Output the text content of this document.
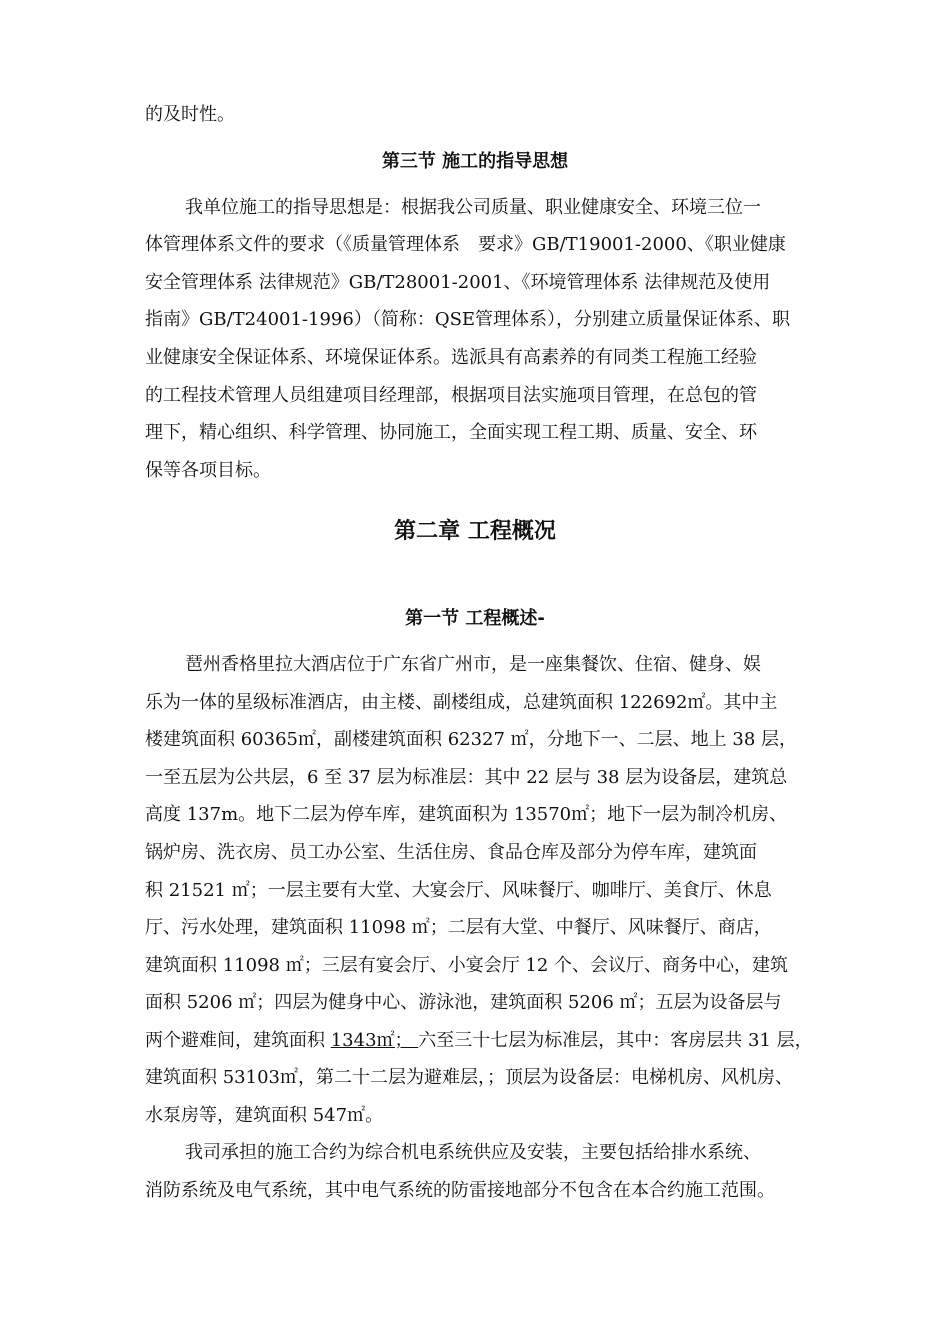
的及时性。
第三节 施工的指导思想
我单位施工的指导思想是：根据我公司质量、职业健康安全、环境三位一
体管理体系文件的要求（《质量管理体系　要求》GB/T19001-2000、《职业健康
安全管理体系 法律规范》GB/T28001-2001、《环境管理体系 法律规范及使用
指南》GB/T24001-1996）（简称：QSE管理体系），分别建立质量保证体系、职
业健康安全保证体系、环境保证体系。选派具有高素养的有同类工程施工经验
的工程技术管理人员组建项目经理部，根据项目法实施项目管理，在总包的管
理下，精心组织、科学管理、协同施工，全面实现工程工期、质量、安全、环
保等各项目标。
第二章 工程概况
第一节 工程概述-
琶州香格里拉大酒店位于广东省广州市，是一座集餐饮、住宿、健身、娱
乐为一体的星级标准酒店，由主楼、副楼组成，总建筑面积 122692㎡。其中主
楼建筑面积 60365㎡，副楼建筑面积 62327 ㎡，分地下一、二层、地上 38 层，
一至五层为公共层，6 至 37 层为标准层：其中 22 层与 38 层为设备层，建筑总
高度 137m。地下二层为停车库，建筑面积为 13570㎡；地下一层为制冷机房、
锅炉房、洗衣房、员工办公室、生活住房、食品仓库及部分为停车库，建筑面
积 21521 ㎡；一层主要有大堂、大宴会厅、风味餐厅、咖啡厅、美食厅、休息
厅、污水处理，建筑面积 11098 ㎡；二层有大堂、中餐厅、风味餐厅、商店，
建筑面积 11098 ㎡；三层有宴会厅、小宴会厅 12 个、会议厅、商务中心，建筑
面积 5206 ㎡；四层为健身中心、游泳池，建筑面积 5206 ㎡；五层为设备层与
两个避难间，建筑面积 1343㎡； 六至三十七层为标准层，其中：客房层共 31 层，
建筑面积 53103㎡，第二十二层为避难层，；顶层为设备层：电梯机房、风机房、
水泵房等，建筑面积 547㎡。
我司承担的施工合约为综合机电系统供应及安装，主要包括给排水系统、
消防系统及电气系统，其中电气系统的防雷接地部分不包含在本合约施工范围。
